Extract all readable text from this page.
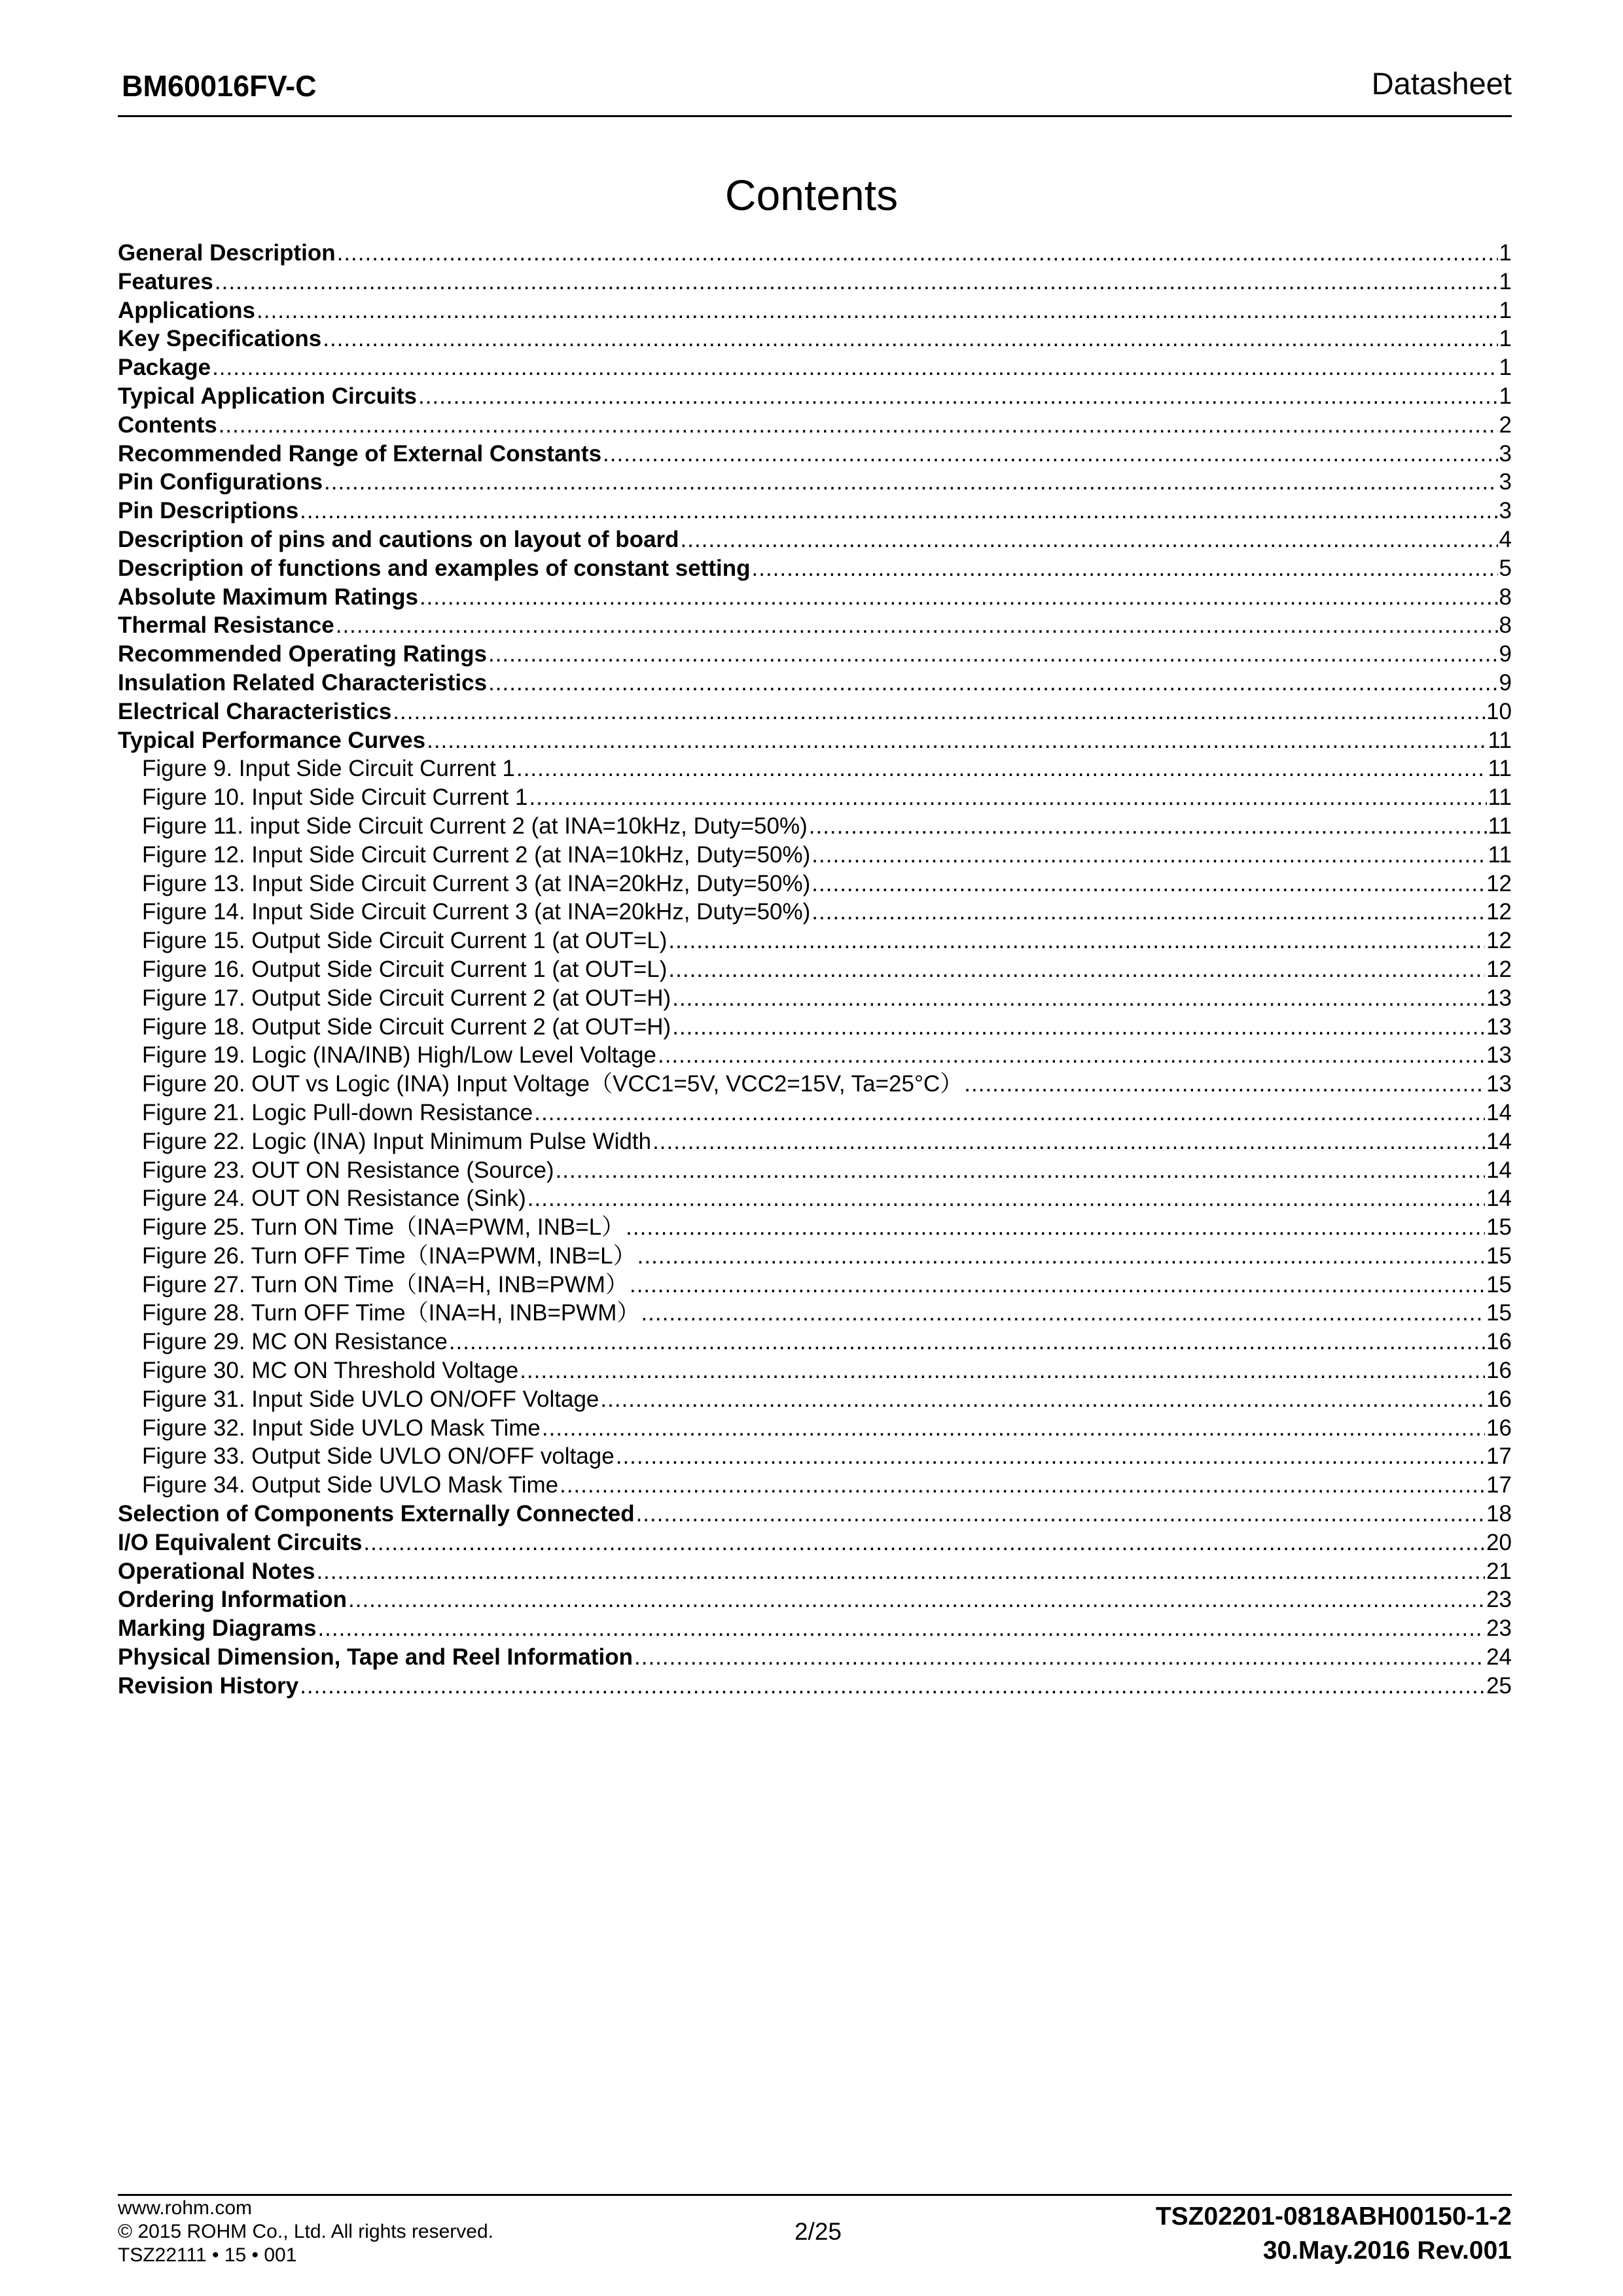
BM60016FV-C	Datasheet
Contents
General Description .....	1
Features .....	1
Applications .....	1
Key Specifications .....	1
Package .....	1
Typical Application Circuits .....	1
Contents .....	2
Recommended Range of External Constants .....	3
Pin Configurations .....	3
Pin Descriptions .....	3
Description of pins and cautions on layout of board .....	4
Description of functions and examples of constant setting .....	5
Absolute Maximum Ratings .....	8
Thermal Resistance .....	8
Recommended Operating Ratings .....	9
Insulation Related Characteristics .....	9
Electrical Characteristics .....	10
Typical Performance Curves .....	11
Figure 9. Input Side Circuit Current 1 .....	11
Figure 10. Input Side Circuit Current 1 .....	11
Figure 11. input Side Circuit Current 2 (at INA=10kHz, Duty=50%) .....	11
Figure 12. Input Side Circuit Current 2 (at INA=10kHz, Duty=50%) .....	11
Figure 13. Input Side Circuit Current 3 (at INA=20kHz, Duty=50%) .....	12
Figure 14. Input Side Circuit Current 3 (at INA=20kHz, Duty=50%) .....	12
Figure 15. Output Side Circuit Current 1 (at OUT=L) .....	12
Figure 16. Output Side Circuit Current 1 (at OUT=L) .....	12
Figure 17. Output Side Circuit Current 2 (at OUT=H) .....	13
Figure 18. Output Side Circuit Current 2 (at OUT=H) .....	13
Figure 19. Logic (INA/INB) High/Low Level Voltage .....	13
Figure 20. OUT vs Logic (INA) Input Voltage（VCC1=5V, VCC2=15V, Ta=25°C） .....	13
Figure 21. Logic Pull-down Resistance .....	14
Figure 22. Logic (INA) Input Minimum Pulse Width .....	14
Figure 23. OUT ON Resistance (Source) .....	14
Figure 24. OUT ON Resistance (Sink) .....	14
Figure 25. Turn ON Time（INA=PWM, INB=L） .....	15
Figure 26. Turn OFF Time（INA=PWM, INB=L） .....	15
Figure 27. Turn ON Time（INA=H, INB=PWM） .....	15
Figure 28. Turn OFF Time（INA=H, INB=PWM） .....	15
Figure 29. MC ON Resistance .....	16
Figure 30. MC ON Threshold Voltage .....	16
Figure 31. Input Side UVLO ON/OFF Voltage .....	16
Figure 32. Input Side UVLO Mask Time .....	16
Figure 33. Output Side UVLO ON/OFF voltage .....	17
Figure 34. Output Side UVLO Mask Time .....	17
Selection of Components Externally Connected .....	18
I/O Equivalent Circuits .....	20
Operational Notes .....	21
Ordering Information .....	23
Marking Diagrams .....	23
Physical Dimension, Tape and Reel Information .....	24
Revision History .....	25
www.rohm.com
© 2015 ROHM Co., Ltd. All rights reserved.
TSZ22111 • 15 • 001
2/25
TSZ02201-0818ABH00150-1-2
30.May.2016 Rev.001
